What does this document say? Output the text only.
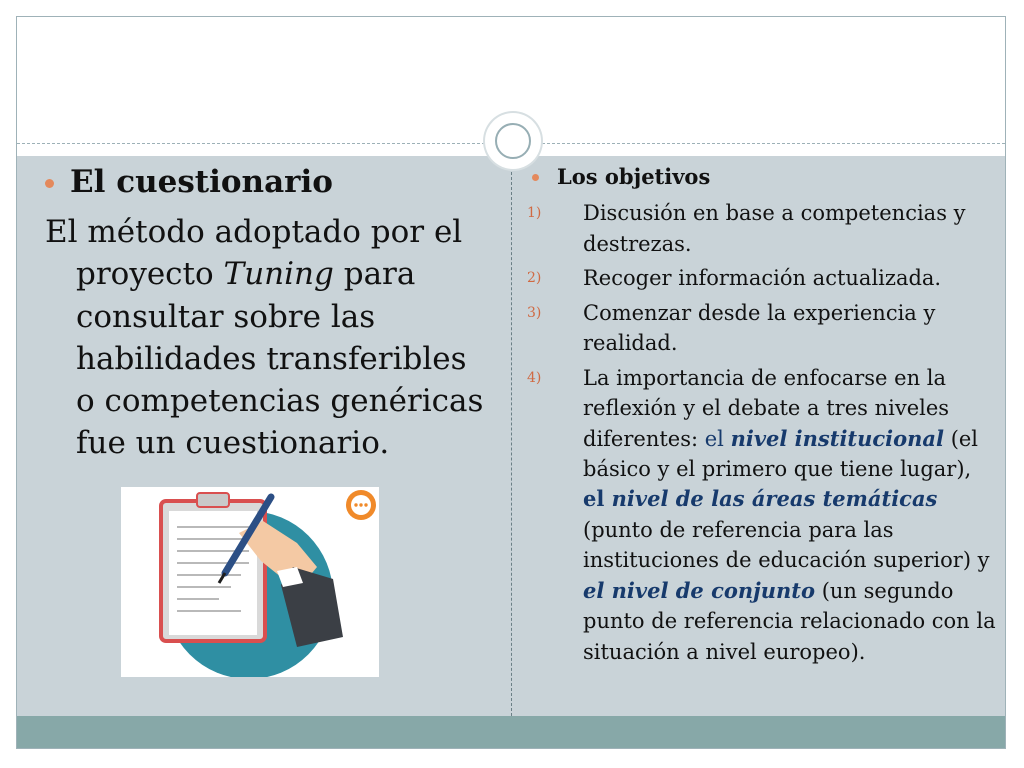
El cuestionario
El método adoptado por el proyecto Tuning para consultar sobre las habilidades transferibles o competencias genéricas fue un cuestionario.
Los objetivos
1)	Discusión en base a competencias y destrezas.
2)	Recoger información actualizada.
3)	Comenzar desde la experiencia y realidad.
4)	La importancia de enfocarse en la reflexión y el debate a tres niveles diferentes: el nivel institucional (el básico y el primero que tiene lugar), el nivel de las áreas temáticas (punto de referencia para las instituciones de educación superior) y el nivel de conjunto (un segundo punto de referencia relacionado con la situación a nivel europeo).
